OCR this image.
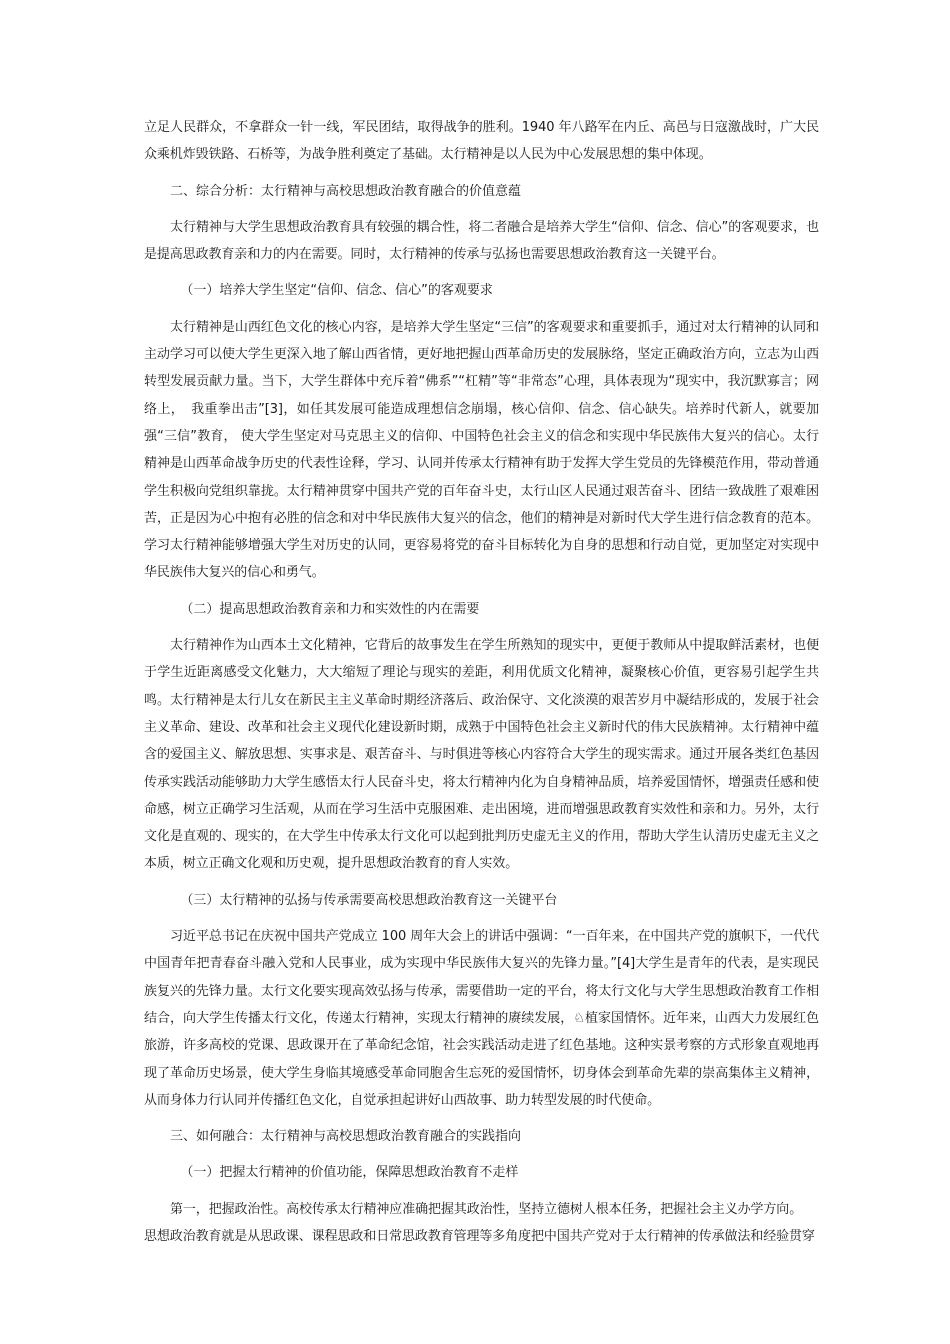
立足人民群众，不拿群众一针一线，军民团结，取得战争的胜利。1940 年八路军在内丘、高邑与日寇激战时，广大民众乘机炸毁铁路、石桥等，为战争胜利奠定了基础。太行精神是以人民为中心发展思想的集中体现。

二、综合分析：太行精神与高校思想政治教育融合的价值意蕴

太行精神与大学生思想政治教育具有较强的耦合性，将二者融合是培养大学生“信仰、信念、信心”的客观要求，也是提高思政教育亲和力的内在需要。同时，太行精神的传承与弘扬也需要思想政治教育这一关键平台。

（一）培养大学生坚定“信仰、信念、信心”的客观要求

太行精神是山西红色文化的核心内容，是培养大学生坚定“三信”的客观要求和重要抓手，通过对太行精神的认同和主动学习可以使大学生更深入地了解山西省情，更好地把握山西革命历史的发展脉络，坚定正确政治方向，立志为山西转型发展贡献力量。当下，大学生群体中充斥着“佛系”“杠精”等“非常态”心理，具体表现为“现实中，我沉默寡言；网络上，　我重拳出击”[3]，如任其发展可能造成理想信念崩塌，核心信仰、信念、信心缺失。培养时代新人，就要加强“三信”教育， 使大学生坚定对马克思主义的信仰、中国特色社会主义的信念和实现中华民族伟大复兴的信心。太行精神是山西革命战争历史的代表性诠释，学习、认同并传承太行精神有助于发挥大学生党员的先锋模范作用，带动普通学生积极向党组织靠拢。太行精神贯穿中国共产党的百年奋斗史，太行山区人民通过艰苦奋斗、团结一致战胜了艰难困苦，正是因为心中抱有必胜的信念和对中华民族伟大复兴的信念，他们的精神是对新时代大学生进行信念教育的范本。学习太行精神能够增强大学生对历史的认同，更容易将党的奋斗目标转化为自身的思想和行动自觉，更加坚定对实现中华民族伟大复兴的信心和勇气。

（二）提高思想政治教育亲和力和实效性的内在需要

太行精神作为山西本土文化精神，它背后的故事发生在学生所熟知的现实中，更便于教师从中提取鲜活素材，也便于学生近距离感受文化魅力，大大缩短了理论与现实的差距，利用优质文化精神，凝聚核心价值，更容易引起学生共鸣。太行精神是太行儿女在新民主主义革命时期经济落后、政治保守、文化淡漠的艰苦岁月中凝结形成的，发展于社会 主义革命、建设、改革和社会主义现代化建设新时期，成熟于中国特色社会主义新时代的伟大民族精神。太行精神中蕴 含的爱国主义、解放思想、实事求是、艰苦奋斗、与时俱进等核心内容符合大学生的现实需求。通过开展各类红色基因 传承实践活动能够助力大学生感悟太行人民奋斗史，将太行精神内化为自身精神品质，培养爱国情怀，增强责任感和使命感，树立正确学习生活观，从而在学习生活中克服困难、走出困境，进而增强思政教育实效性和亲和力。另外，太行文化是直观的、现实的，在大学生中传承太行文化可以起到批判历史虚无主义的作用，帮助大学生认清历史虚无主义之本质，树立正确文化观和历史观，提升思想政治教育的育人实效。

（三）太行精神的弘扬与传承需要高校思想政治教育这一关键平台

习近平总书记在庆祝中国共产党成立 100 周年大会上的讲话中强调：“一百年来，在中国共产党的旗帜下，一代代中国青年把青春奋斗融入党和人民事业，成为实现中华民族伟大复兴的先锋力量。”[4]大学生是青年的代表，是实现民族复兴的先锋力量。太行文化要实现高效弘扬与传承，需要借助一定的平台，将太行文化与大学生思想政治教育工作相结合，向大学生传播太行文化，传递太行精神，实现太行精神的赓续发展，♘植家国情怀。近年来，山西大力发展红色旅游，许多高校的党课、思政课开在了革命纪念馆，社会实践活动走进了红色基地。这种实景考察的方式形象直观地再现了革命历史场景，使大学生身临其境感受革命同胞舍生忘死的爱国情怀，切身体会到革命先辈的崇高集体主义精神， 从而身体力行认同并传播红色文化，自觉承担起讲好山西故事、助力转型发展的时代使命。

三、如何融合：太行精神与高校思想政治教育融合的实践指向

（一）把握太行精神的价值功能，保障思想政治教育不走样

第一，把握政治性。高校传承太行精神应准确把握其政治性，坚持立德树人根本任务，把握社会主义办学方向。

思想政治教育就是从思政课、课程思政和日常思政教育管理等多角度把中国共产党对于太行精神的传承做法和经验贯穿
